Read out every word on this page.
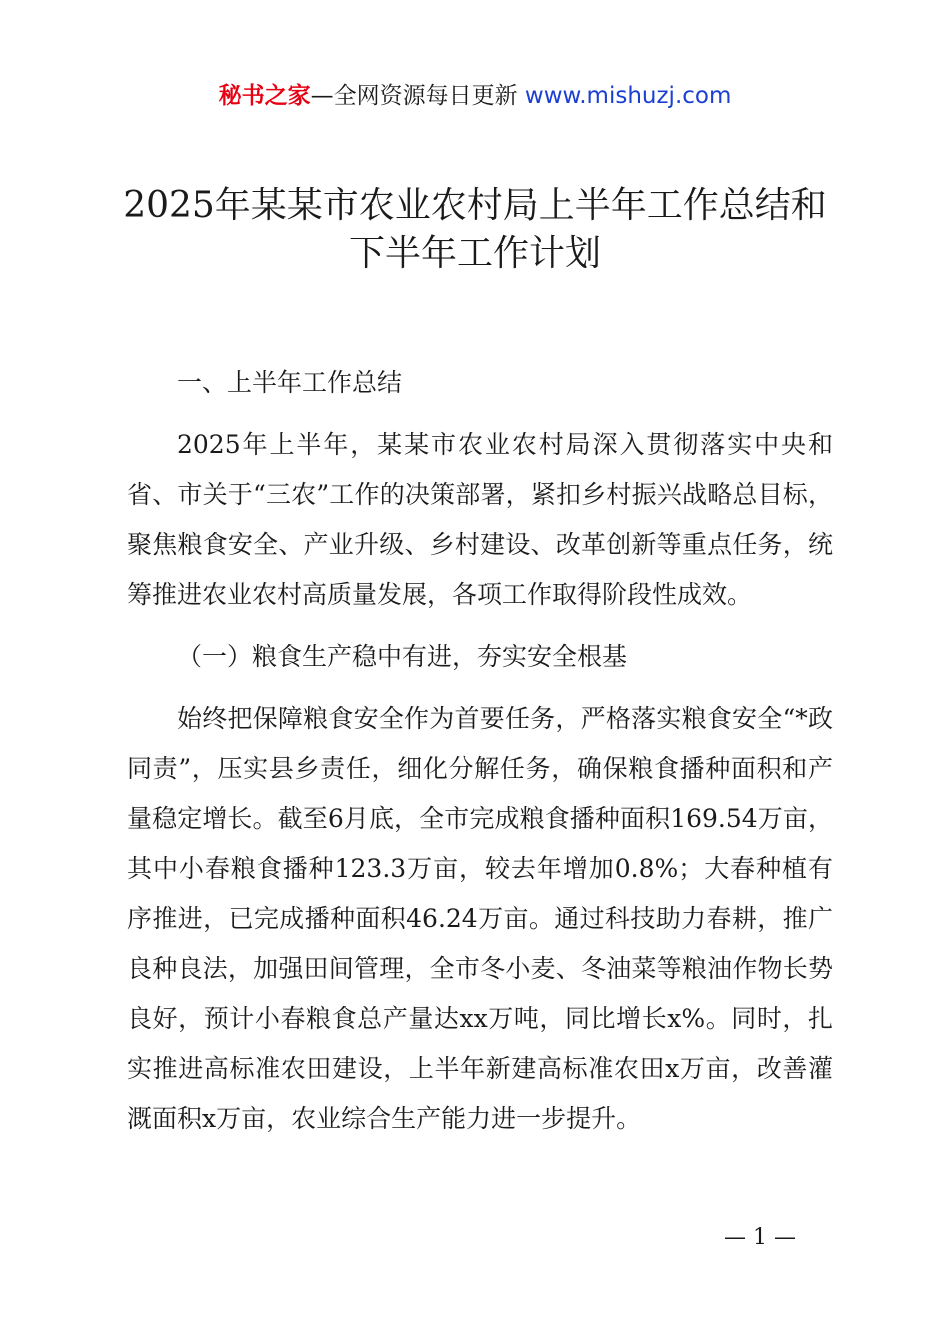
秘书之家—全网资源每日更新 www.mishuzj.com
2025年某某市农业农村局上半年工作总结和
下半年工作计划

一、上半年工作总结

2025年上半年，某某市农业农村局深入贯彻落实中央和省、市关于“三农”工作的决策部署，紧扣乡村振兴战略总目标，聚焦粮食安全、产业升级、乡村建设、改革创新等重点任务，统筹推进农业农村高质量发展，各项工作取得阶段性成效。

（一）粮食生产稳中有进，夯实安全根基

始终把保障粮食安全作为首要任务，严格落实粮食安全“*政同责”，压实县乡责任，细化分解任务，确保粮食播种面积和产量稳定增长。截至6月底，全市完成粮食播种面积169.54万亩，其中小春粮食播种123.3万亩，较去年增加0.8%；大春种植有序推进，已完成播种面积46.24万亩。通过科技助力春耕，推广良种良法，加强田间管理，全市冬小麦、冬油菜等粮油作物长势良好，预计小春粮食总产量达xx万吨，同比增长x%。同时，扎实推进高标准农田建设，上半年新建高标准农田x万亩，改善灌溉面积x万亩，农业综合生产能力进一步提升。

— 1 —
